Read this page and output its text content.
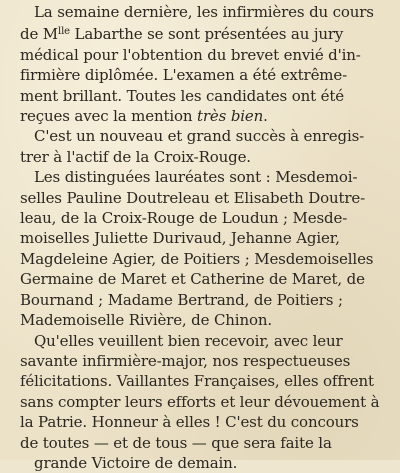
La semaine dernière, les infirmières du cours
de $M^{lle}$ Labarthe se sont présentées au jury
médical pour l'obtention du brevet envié d'in-
firmière diplômée. L'examen a été extrême-
ment brillant. Toutes les candidates ont été
reçues avec la mention très bien.
C'est un nouveau et grand succès à enregis-
trer à l'actif de la Croix-Rouge.
Les distinguées lauréates sont : Mesdemoi-
selles Pauline Doutreleau et Elisabeth Doutre-
leau, de la Croix-Rouge de Loudun ; Mesde-
moiselles Juliette Durivaud, Jehanne Agier,
Magdeleine Agier, de Poitiers ; Mesdemoiselles
Germaine de Maret et Catherine de Maret, de
Bournand ; Madame Bertrand, de Poitiers ;
Mademoiselle Rivière, de Chinon.
Qu'elles veuillent bien recevoir, avec leur
savante infirmière-major, nos respectueuses
félicitations. Vaillantes Françaises, elles offrent
sans compter leurs efforts et leur dévouement à
la Patrie. Honneur à elles ! C'est du concours
de toutes — et de tous — que sera faite la
grande Victoire de demain.
